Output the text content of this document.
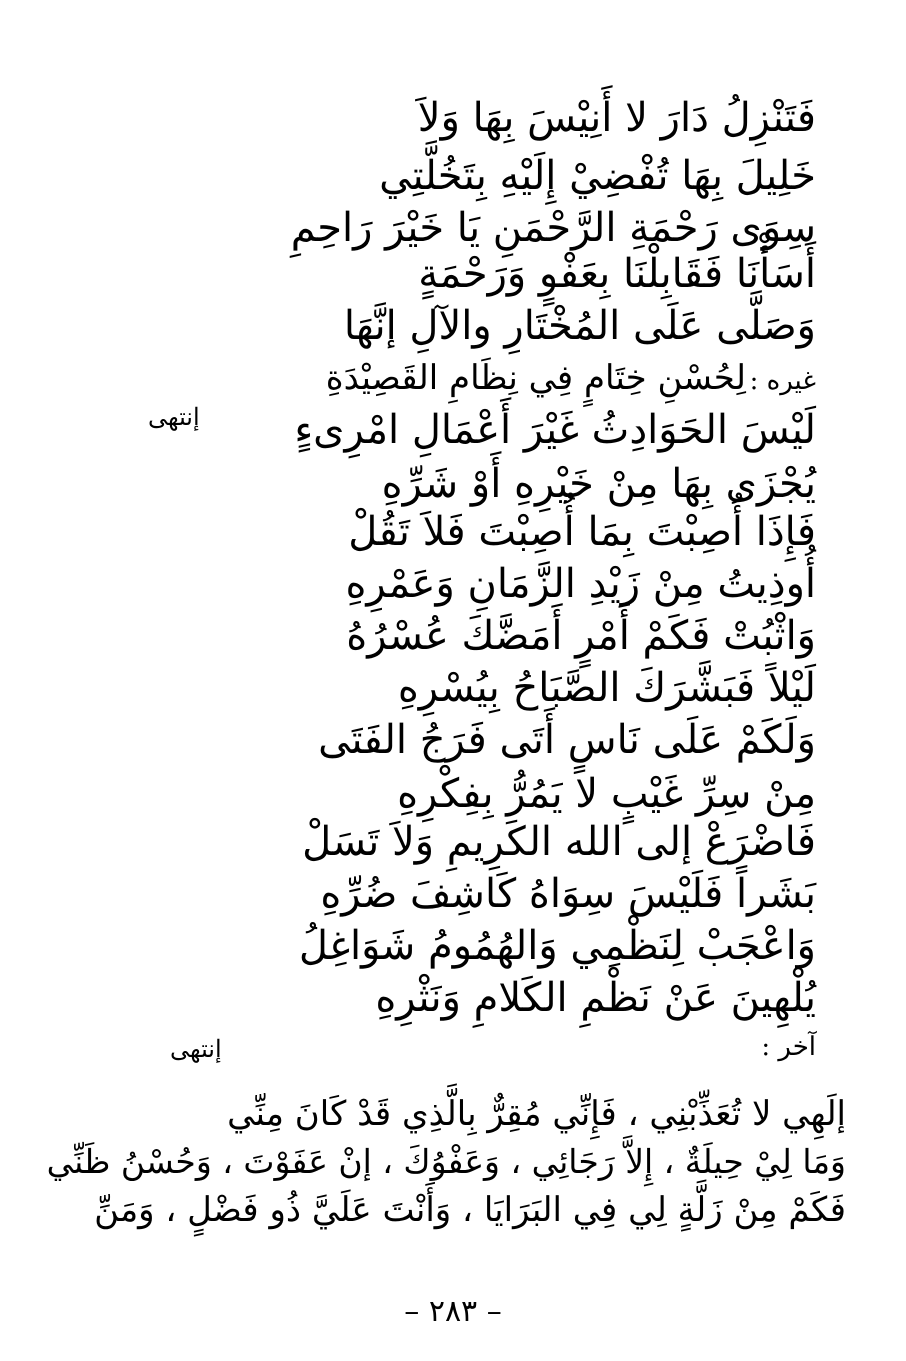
فَتَنْزِلُ دَارَ لا أَنِيْسَ بِهَا وَلاَ
خَلِيلَ بِهَا تُفْضِيْ إِلَيْهِ بِتَخُلَّتِي
سِوَى رَحْمَةِ الرَّحْمَنِ يَا خَيْرَ رَاحِمِ
أَسَأْنَا فَقَابِلْنَا بِعَفْوٍ وَرَحْمَةٍ
وَصَلَّى عَلَى المُخْتَارِ والآلِ إنَّهَا
لِحُسْنِ خِتَامٍ فِي نِظَامِ القَصِيْدَةِ
إنتهى
غيره :
لَيْسَ الحَوَادِثُ غَيْرَ أَعْمَالِ امْرِىءٍ
يُجْزَى بِهَا مِنْ خَيْرِهِ أَوْ شَرِّهِ
فَإِذَا أُصِبْتَ بِمَا أُصِبْتَ فَلاَ تَقُلْ
أُوذِيتُ مِنْ زَيْدِ الزَّمَانِ وَعَمْرِهِ
وَاثْبُتْ فَكَمْ أَمْرٍ أَمَضَّكَ عُسْرُهُ
لَيْلاً فَبَشَّرَكَ الصَّبَاحُ بِيُسْرِهِ
وَلَكَمْ عَلَى نَاسٍ أَتَى فَرَجُ الفَتَى
مِنْ سِرِّ غَيْبٍ لا يَمُرُّ بِفِكْرِهِ
فَاضْرَعْ إلى الله الكَرِيمِ وَلاَ تَسَلْ
بَشَراً فَلَيْسَ سِوَاهُ كَاشِفَ ضُرِّهِ
وَاعْجَبْ لِنَظْمِي وَالهُمُومُ شَوَاغِلُ
يُلْهِينَ عَنْ نَظْمِ الكَلامِ وَنَثْرِهِ
إنتهى	آخر :
إلَهِي لا تُعَذِّبْنِي ، فَإِنِّي مُقِرٌّ بِالَّذِي قَدْ كَانَ مِنِّي
وَمَا لِيْ حِيلَةٌ ، إِلاَّ رَجَائِي ، وَعَفْوُكَ ، إنْ عَفَوْتَ ، وَحُسْنُ ظَنِّي
فَكَمْ مِنْ زَلَّةٍ لِي فِي البَرَايَا ، وَأَنْتَ عَلَيَّ ذُو فَضْلٍ ، وَمَنِّ
– ٢٨٣ –
